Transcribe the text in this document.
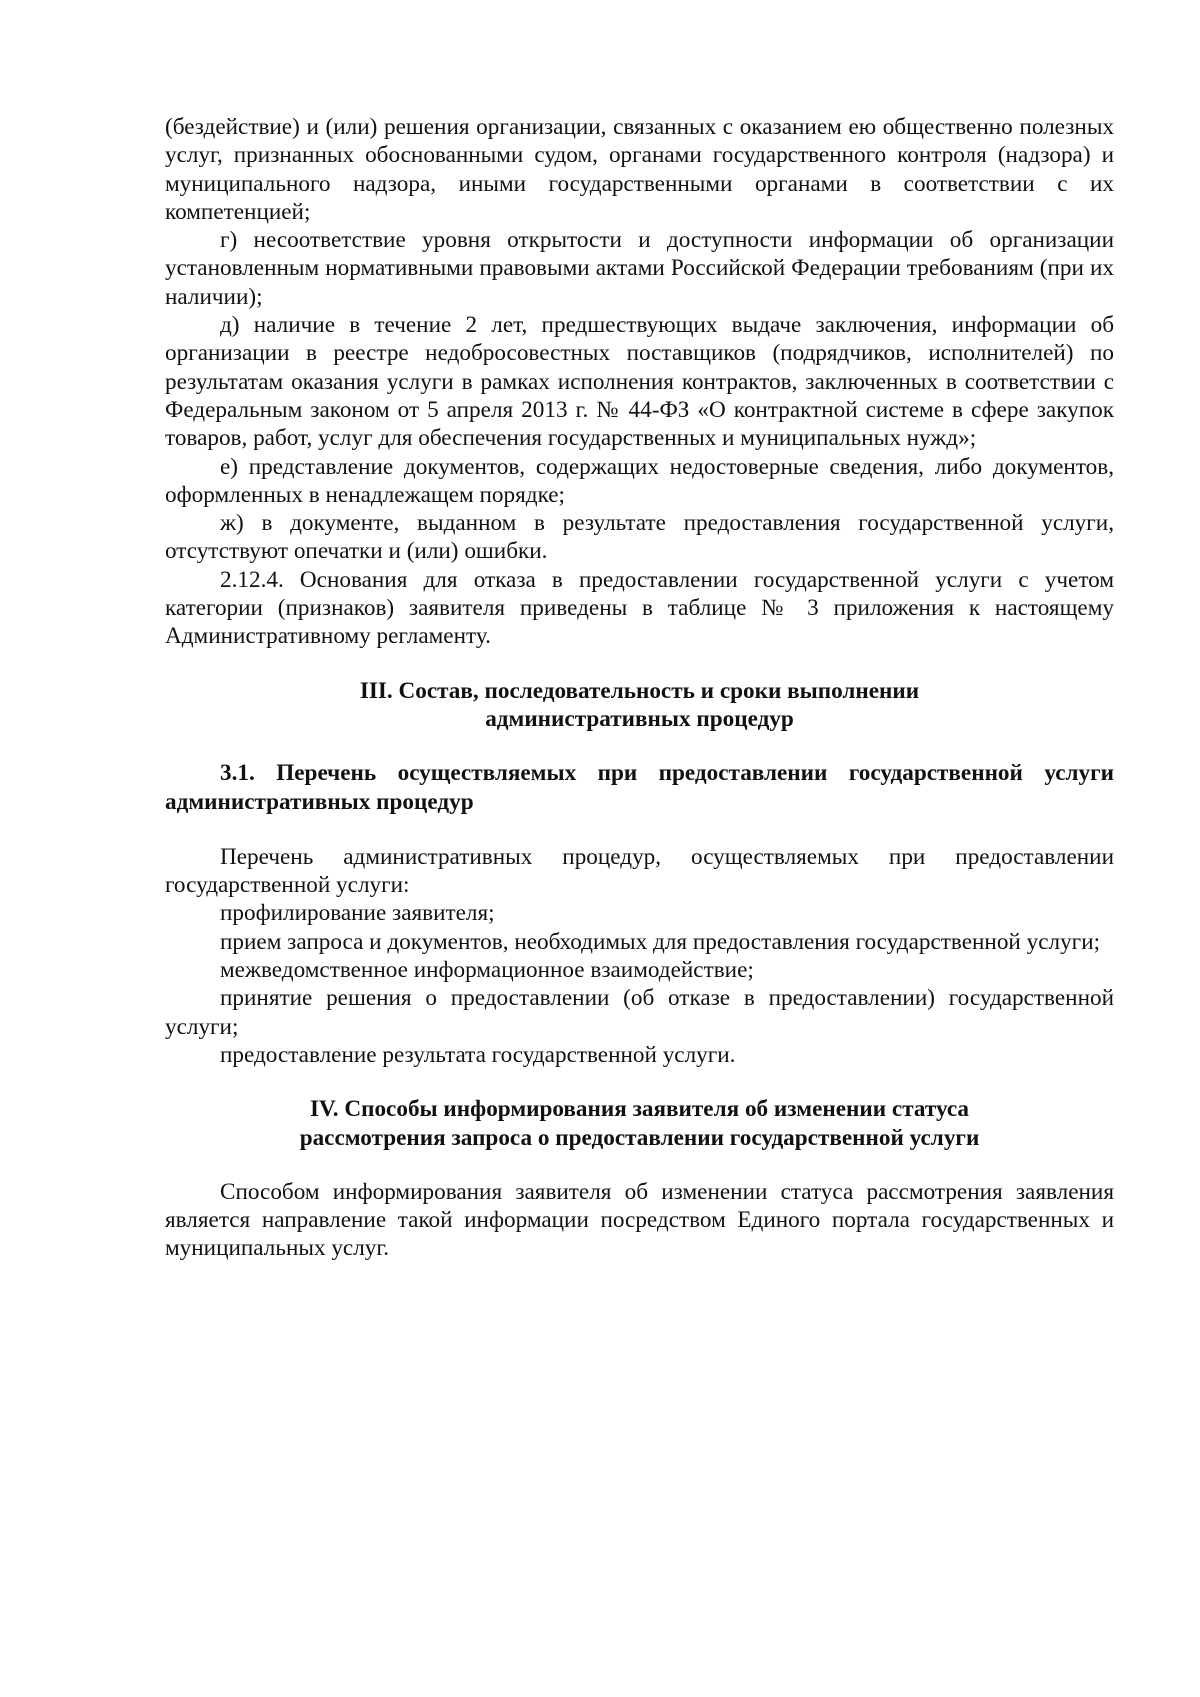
(бездействие) и (или) решения организации, связанных с оказанием ею общественно полезных услуг, признанных обоснованными судом, органами государственного контроля (надзора) и муниципального надзора, иными государственными органами в соответствии с их компетенцией;

г) несоответствие уровня открытости и доступности информации об организации установленным нормативными правовыми актами Российской Федерации требованиям (при их наличии);

д) наличие в течение 2 лет, предшествующих выдаче заключения, информации об организации в реестре недобросовестных поставщиков (подрядчиков, исполнителей) по результатам оказания услуги в рамках исполнения контрактов, заключенных в соответствии с Федеральным законом от 5 апреля 2013 г. № 44-ФЗ «О контрактной системе в сфере закупок товаров, работ, услуг для обеспечения государственных и муниципальных нужд»;

е) представление документов, содержащих недостоверные сведения, либо документов, оформленных в ненадлежащем порядке;

ж) в документе, выданном в результате предоставления государственной услуги, отсутствуют опечатки и (или) ошибки.

2.12.4. Основания для отказа в предоставлении государственной услуги с учетом категории (признаков) заявителя приведены в таблице № 3 приложения к настоящему Административному регламенту.

III. Состав, последовательность и сроки выполнении

административных процедур

3.1. Перечень осуществляемых при предоставлении государственной услуги административных процедур

Перечень административных процедур, осуществляемых при предоставлении государственной услуги:

профилирование заявителя;

прием запроса и документов, необходимых для предоставления государственной услуги;

межведомственное информационное взаимодействие;

принятие решения о предоставлении (об отказе в предоставлении) государственной услуги;

предоставление результата государственной услуги.

IV. Способы информирования заявителя об изменении статуса

рассмотрения запроса о предоставлении государственной услуги

Способом информирования заявителя об изменении статуса рассмотрения заявления является направление такой информации посредством Единого портала государственных и муниципальных услуг.
